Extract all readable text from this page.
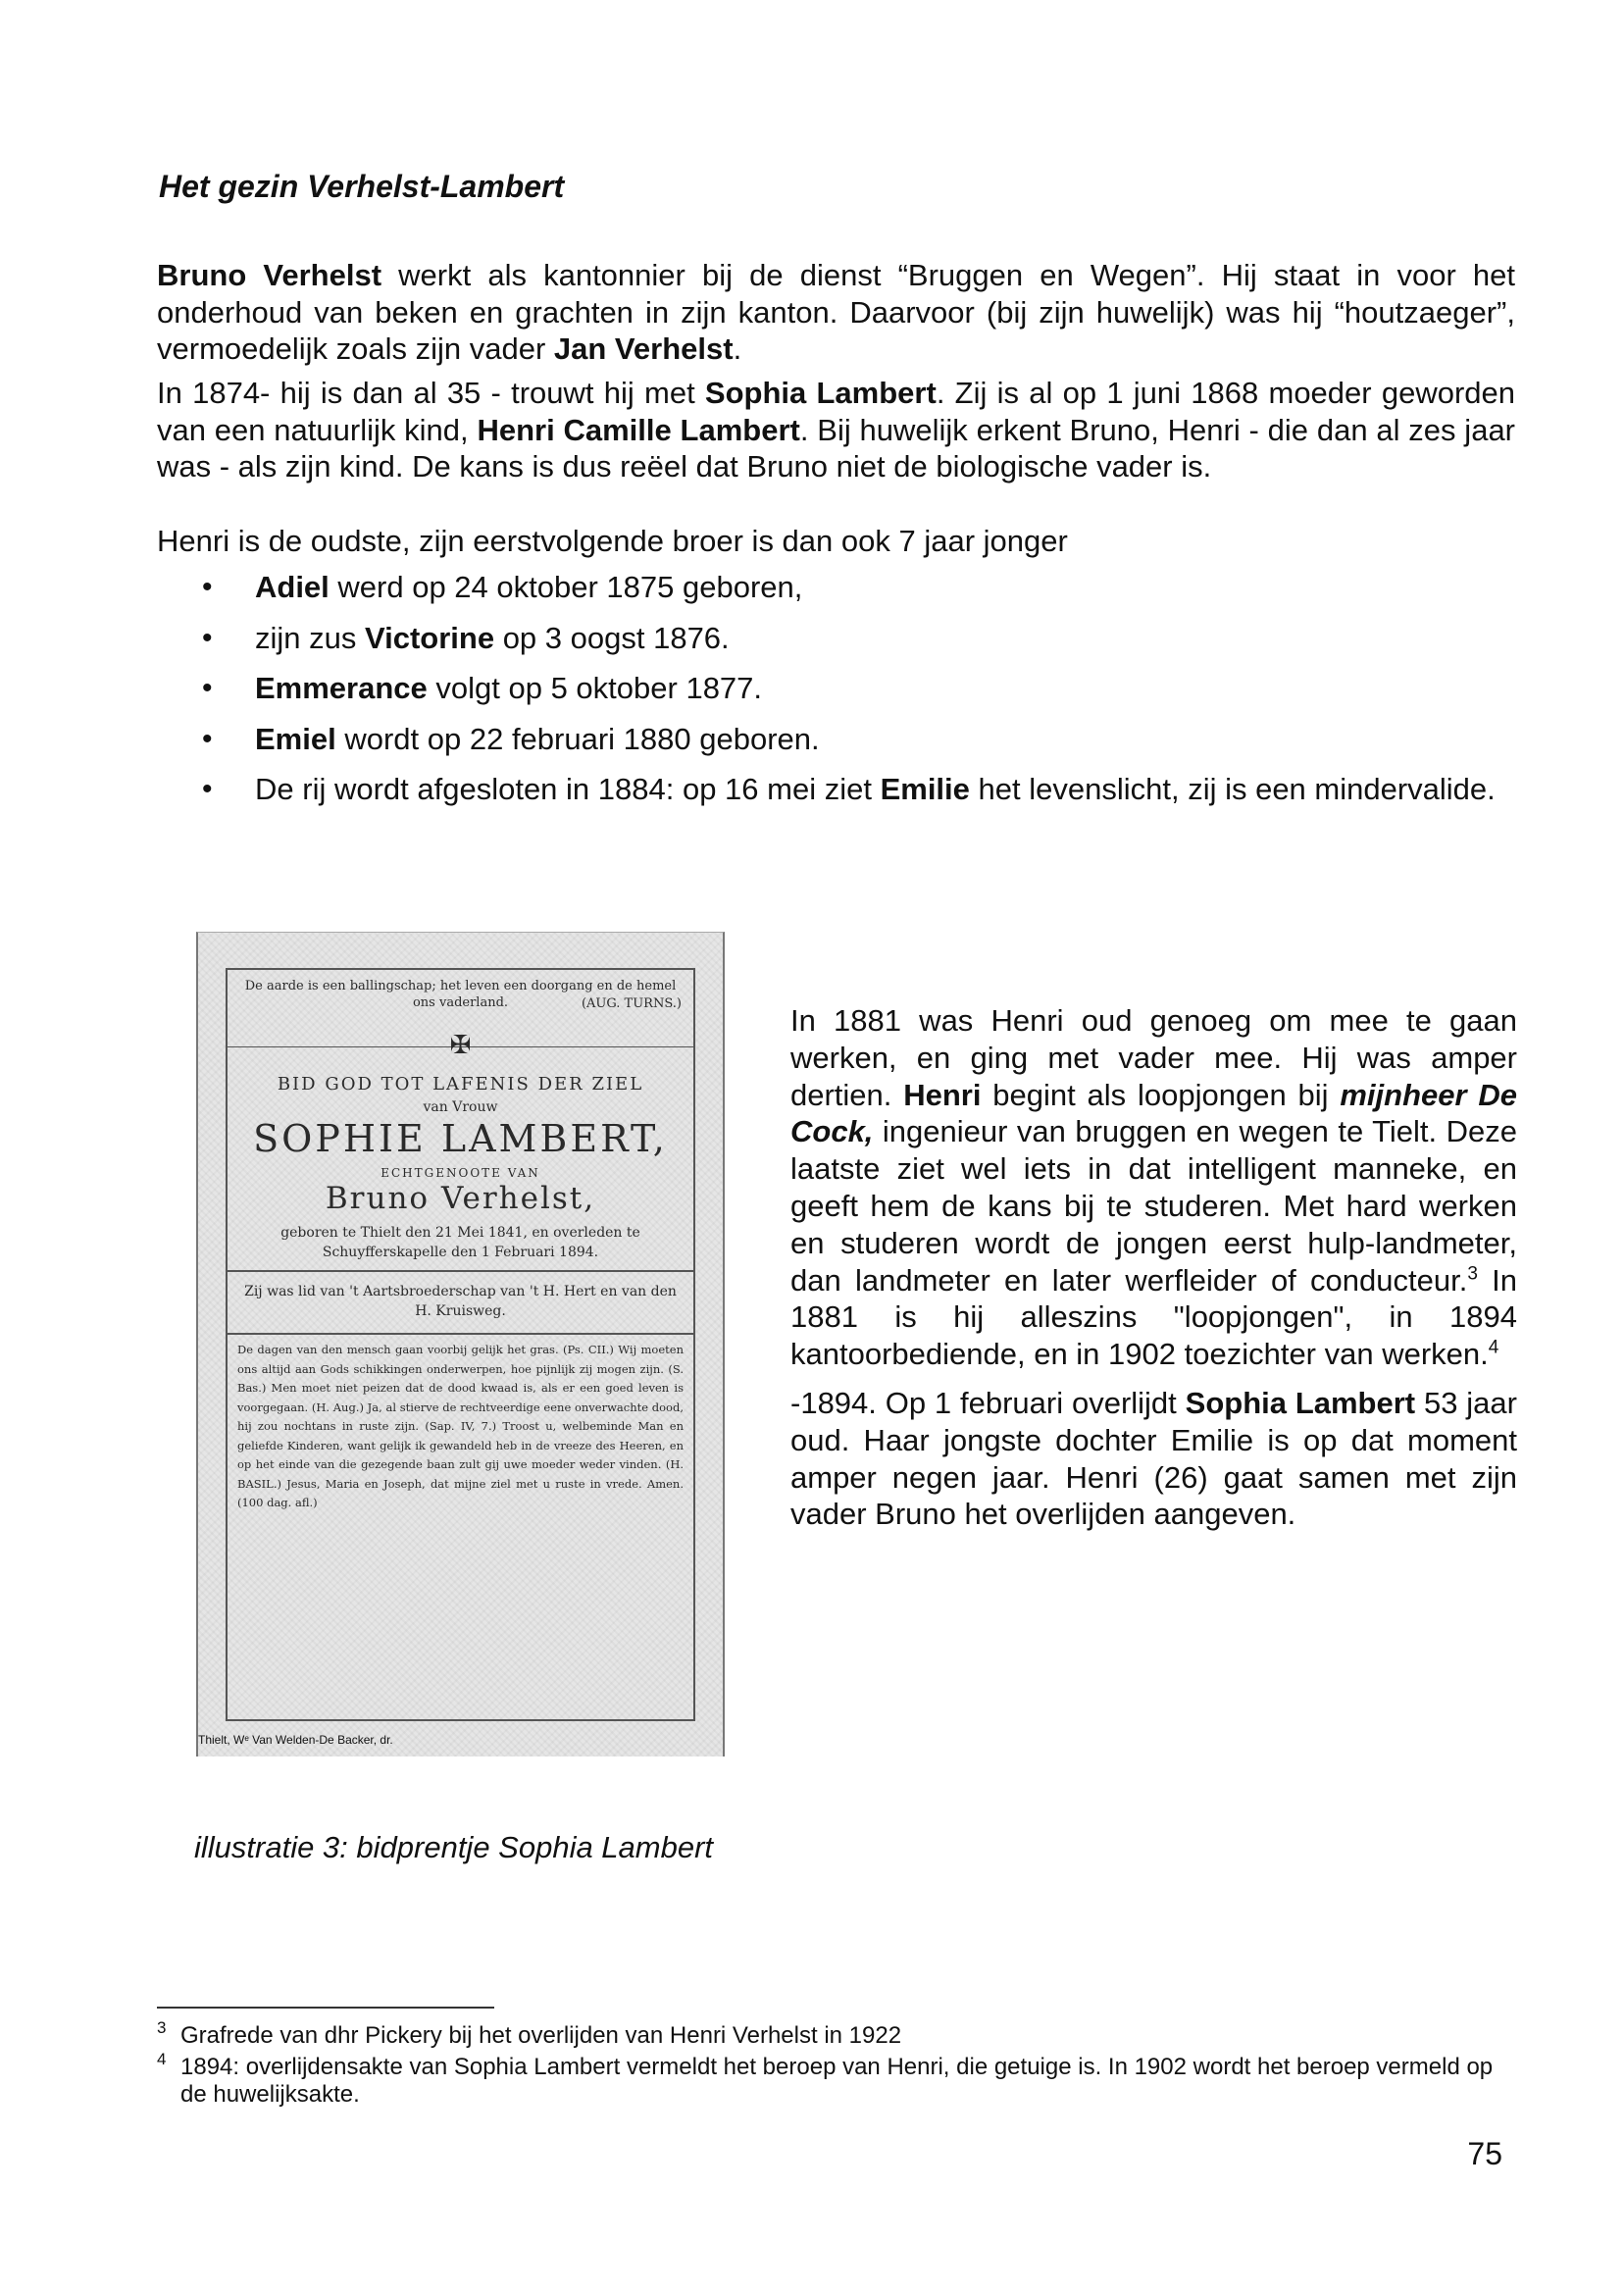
Het gezin Verhelst-Lambert

Bruno Verhelst werkt als kantonnier bij de dienst “Bruggen en Wegen”. Hij staat in voor het onderhoud van beken en grachten in zijn kanton. Daarvoor (bij zijn huwelijk) was hij “houtzaeger”, vermoedelijk zoals zijn vader Jan Verhelst.

In 1874- hij is dan al 35 - trouwt hij met Sophia Lambert. Zij is al op 1 juni 1868 moeder geworden van een natuurlijk kind, Henri Camille Lambert. Bij huwelijk erkent Bruno, Henri - die dan al zes jaar was - als zijn kind. De kans is dus reëel dat Bruno niet de biologische vader is.

Henri is de oudste, zijn eerstvolgende broer is dan ook 7 jaar jonger

• Adiel werd op 24 oktober 1875 geboren,
• zijn zus Victorine op 3 oogst 1876.
• Emmerance volgt op 5 oktober 1877.
• Emiel wordt op 22 februari 1880 geboren.
• De rij wordt afgesloten in 1884: op 16 mei ziet Emilie het levenslicht, zij is een mindervalide.

De aarde is een ballingschap; het leven een doorgang en de hemel ons vaderland.	(AUG. TURNS.)

✠
BID GOD TOT LAFENIS DER ZIEL
van Vrouw
SOPHIE LAMBERT,
ECHTGENOOTE VAN
Bruno Verhelst,
geboren te Thielt den 21 Mei 1841, en overleden te Schuyfferskapelle den 1 Februari 1894.
Zij was lid van 't Aartsbroederschap van 't H. Hert en van den H. Kruisweg.
De dagen van den mensch gaan voorbij gelijk het gras. (Ps. CII.) Wij moeten ons altijd aan Gods schikkingen onderwerpen, hoe pijnlijk zij mogen zijn. (S. Bas.) Men moet niet peizen dat de dood kwaad is, als er een goed leven is voorgegaan. (H. Aug.) Ja, al stierve de rechtveerdige eene onverwachte dood, hij zou nochtans in ruste zijn. (Sap. IV, 7.) Troost u, welbeminde Man en geliefde Kinderen, want gelijk ik gewandeld heb in de vreeze des Heeren, en op het einde van die gezegende baan zult gij uwe moeder weder vinden. (H. BASIL.) Jesus, Maria en Joseph, dat mijne ziel met u ruste in vrede. Amen. (100 dag. afl.)
Thielt, Wᵉ Van Welden-De Backer, dr.

In 1881 was Henri oud genoeg om mee te gaan werken, en ging met vader mee. Hij was amper dertien. Henri begint als loopjongen bij mijnheer De Cock, ingenieur van bruggen en wegen te Tielt. Deze laatste ziet wel iets in dat intelligent manneke, en geeft hem de kans bij te studeren. Met hard werken en studeren wordt de jongen eerst hulp-landmeter, dan landmeter en later werfleider of conducteur.$^3$ In 1881 is hij alleszins "loopjongen", in 1894 kantoorbediende, en in 1902 toezichter van werken.$^4$

-1894. Op 1 februari overlijdt Sophia Lambert 53 jaar oud. Haar jongste dochter Emilie is op dat moment amper negen jaar. Henri (26) gaat samen met zijn vader Bruno het overlijden aangeven.

illustratie 3: bidprentje Sophia Lambert

3 Grafrede van dhr Pickery bij het overlijden van Henri Verhelst in 1922

4 1894: overlijdensakte van Sophia Lambert vermeldt het beroep van Henri, die getuige is. In 1902 wordt het beroep vermeld op de huwelijksakte.

75
